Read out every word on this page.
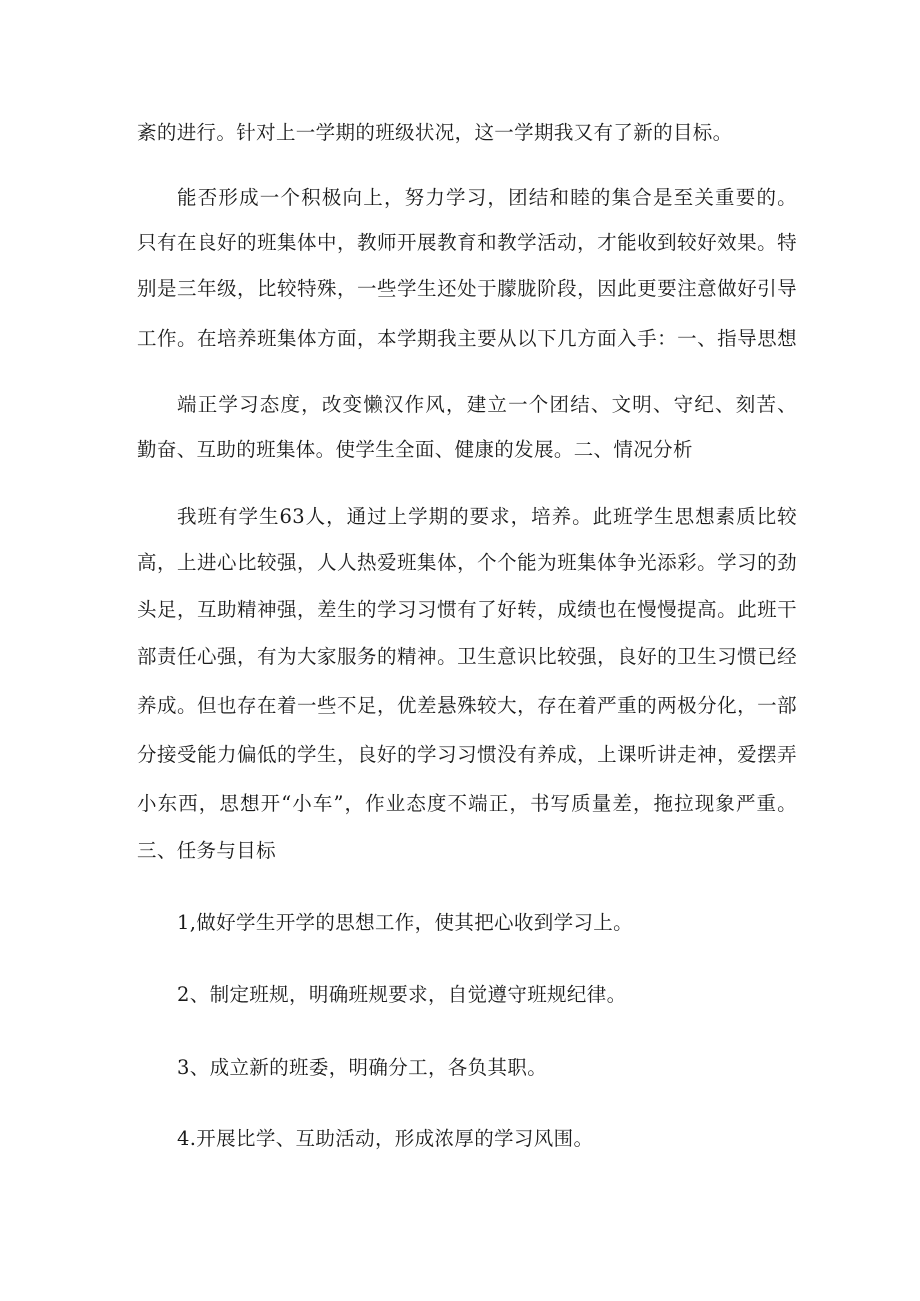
紊的进行。针对上一学期的班级状况，这一学期我又有了新的目标。
能否形成一个积极向上，努力学习，团结和睦的集合是至关重要的。
只有在良好的班集体中，教师开展教育和教学活动，才能收到较好效果。特
别是三年级，比较特殊，一些学生还处于朦胧阶段，因此更要注意做好引导
工作。在培养班集体方面，本学期我主要从以下几方面入手：一、指导思想
端正学习态度，改变懒汉作风，建立一个团结、文明、守纪、刻苦、
勤奋、互助的班集体。使学生全面、健康的发展。二、情况分析
我班有学生63人，通过上学期的要求，培养。此班学生思想素质比较
高，上进心比较强，人人热爱班集体，个个能为班集体争光添彩。学习的劲
头足，互助精神强，差生的学习习惯有了好转，成绩也在慢慢提高。此班干
部责任心强，有为大家服务的精神。卫生意识比较强，良好的卫生习惯已经
养成。但也存在着一些不足，优差悬殊较大，存在着严重的两极分化，一部
分接受能力偏低的学生，良好的学习习惯没有养成，上课听讲走神，爱摆弄
小东西，思想开“小车”，作业态度不端正，书写质量差，拖拉现象严重。
三、任务与目标
1,做好学生开学的思想工作，使其把心收到学习上。
2、制定班规，明确班规要求，自觉遵守班规纪律。
3、成立新的班委，明确分工，各负其职。
4.开展比学、互助活动，形成浓厚的学习风围。
